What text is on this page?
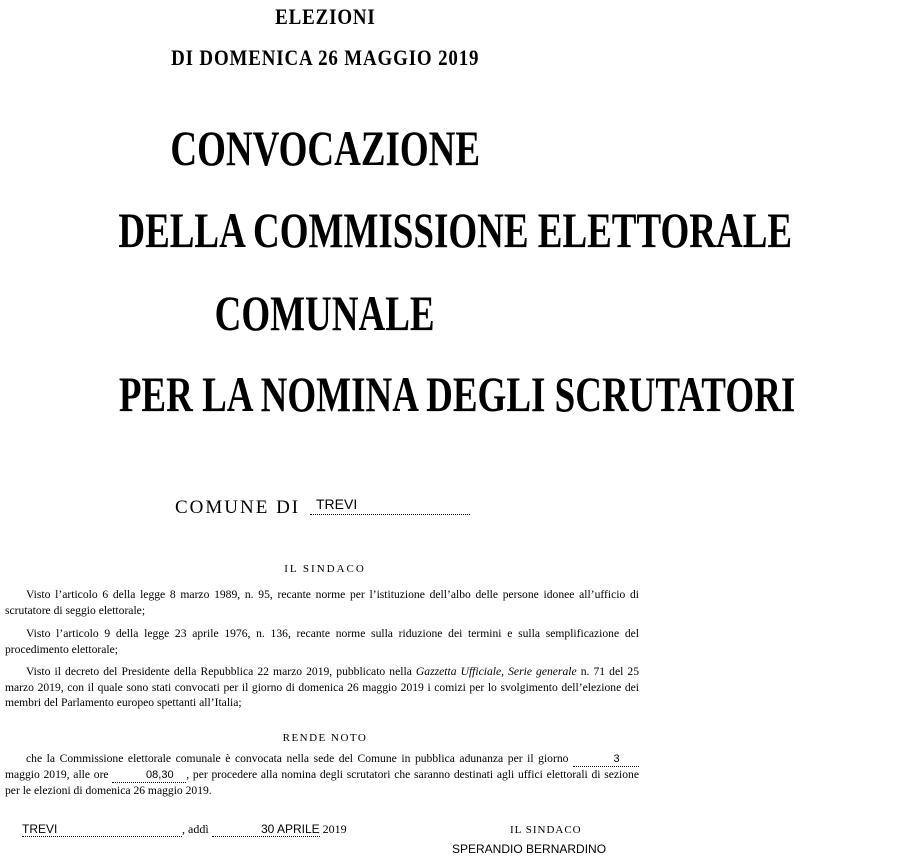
ELEZIONI
DI DOMENICA 26 MAGGIO 2019
CONVOCAZIONE
DELLA COMMISSIONE ELETTORALE
COMUNALE
PER LA NOMINA DEGLI SCRUTATORI
COMUNE DI	TREVI
IL SINDACO

Visto l’articolo 6 della legge 8 marzo 1989, n. 95, recante norme per l’istituzione dell’albo delle persone idonee all’ufficio di scrutatore di seggio elettorale;

Visto l’articolo 9 della legge 23 aprile 1976, n. 136, recante norme sulla riduzione dei termini e sulla semplificazione del procedimento elettorale;

Visto il decreto del Presidente della Repubblica 22 marzo 2019, pubblicato nella Gazzetta Ufficiale, Serie generale n. 71 del 25 marzo 2019, con il quale sono stati convocati per il giorno di domenica 26 maggio 2019 i comizi per lo svolgimento dell’elezione dei membri del Parlamento europeo spettanti all’Italia;

RENDE NOTO

che la Commissione elettorale comunale è convocata nella sede del Comune in pubblica adunanza per il giorno	3 maggio 2019, alle ore	08,30 , per procedere alla nomina degli scrutatori che saranno destinati agli uffici elettorali di sezione per le elezioni di domenica 26 maggio 2019.

TREVI	, addì	30 APRILE 2019	IL SINDACO
SPERANDIO BERNARDINO
